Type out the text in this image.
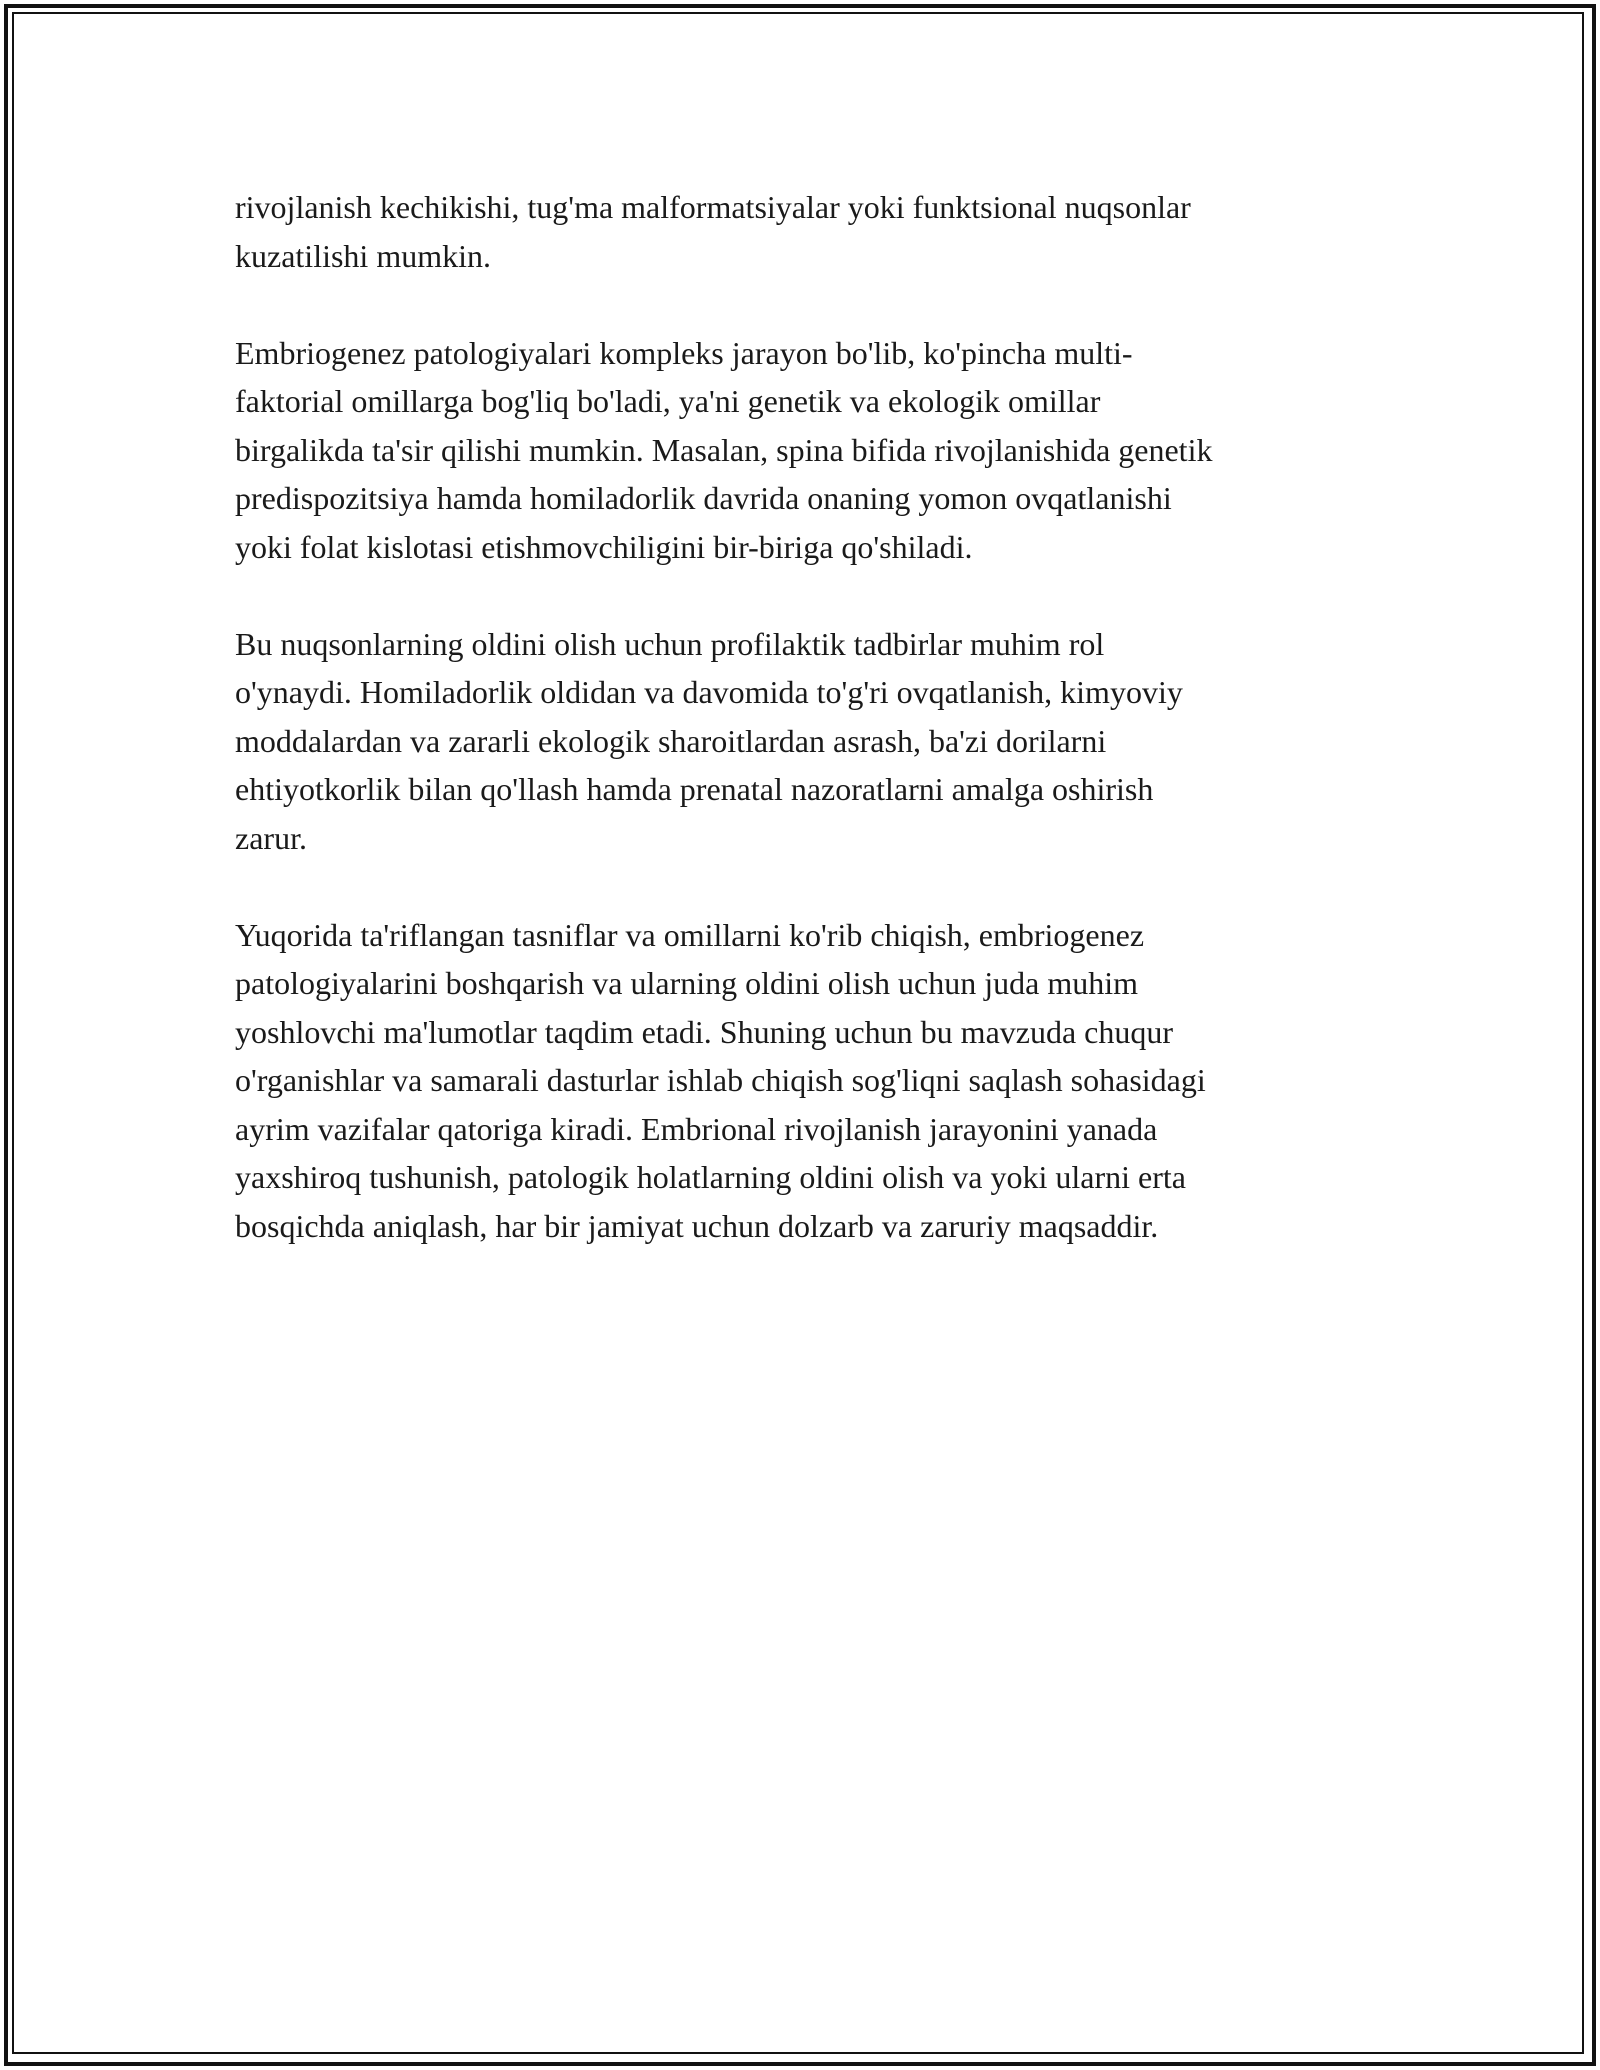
rivojlanish kechikishi, tug'ma malformatsiyalar yoki funktsional nuqsonlar
kuzatilishi mumkin.

Embriogenez patologiyalari kompleks jarayon bo'lib, ko'pincha multi-
faktorial omillarga bog'liq bo'ladi, ya'ni genetik va ekologik omillar
birgalikda ta'sir qilishi mumkin. Masalan, spina bifida rivojlanishida genetik
predispozitsiya hamda homiladorlik davrida onaning yomon ovqatlanishi
yoki folat kislotasi etishmovchiligini bir-biriga qo'shiladi.

Bu nuqsonlarning oldini olish uchun profilaktik tadbirlar muhim rol
o'ynaydi. Homiladorlik oldidan va davomida to'g'ri ovqatlanish, kimyoviy
moddalardan va zararli ekologik sharoitlardan asrash, ba'zi dorilarni
ehtiyotkorlik bilan qo'llash hamda prenatal nazoratlarni amalga oshirish
zarur.

Yuqorida ta'riflangan tasniflar va omillarni ko'rib chiqish, embriogenez
patologiyalarini boshqarish va ularning oldini olish uchun juda muhim
yoshlovchi ma'lumotlar taqdim etadi. Shuning uchun bu mavzuda chuqur
o'rganishlar va samarali dasturlar ishlab chiqish sog'liqni saqlash sohasidagi
ayrim vazifalar qatoriga kiradi. Embrional rivojlanish jarayonini yanada
yaxshiroq tushunish, patologik holatlarning oldini olish va yoki ularni erta
bosqichda aniqlash, har bir jamiyat uchun dolzarb va zaruriy maqsaddir.
